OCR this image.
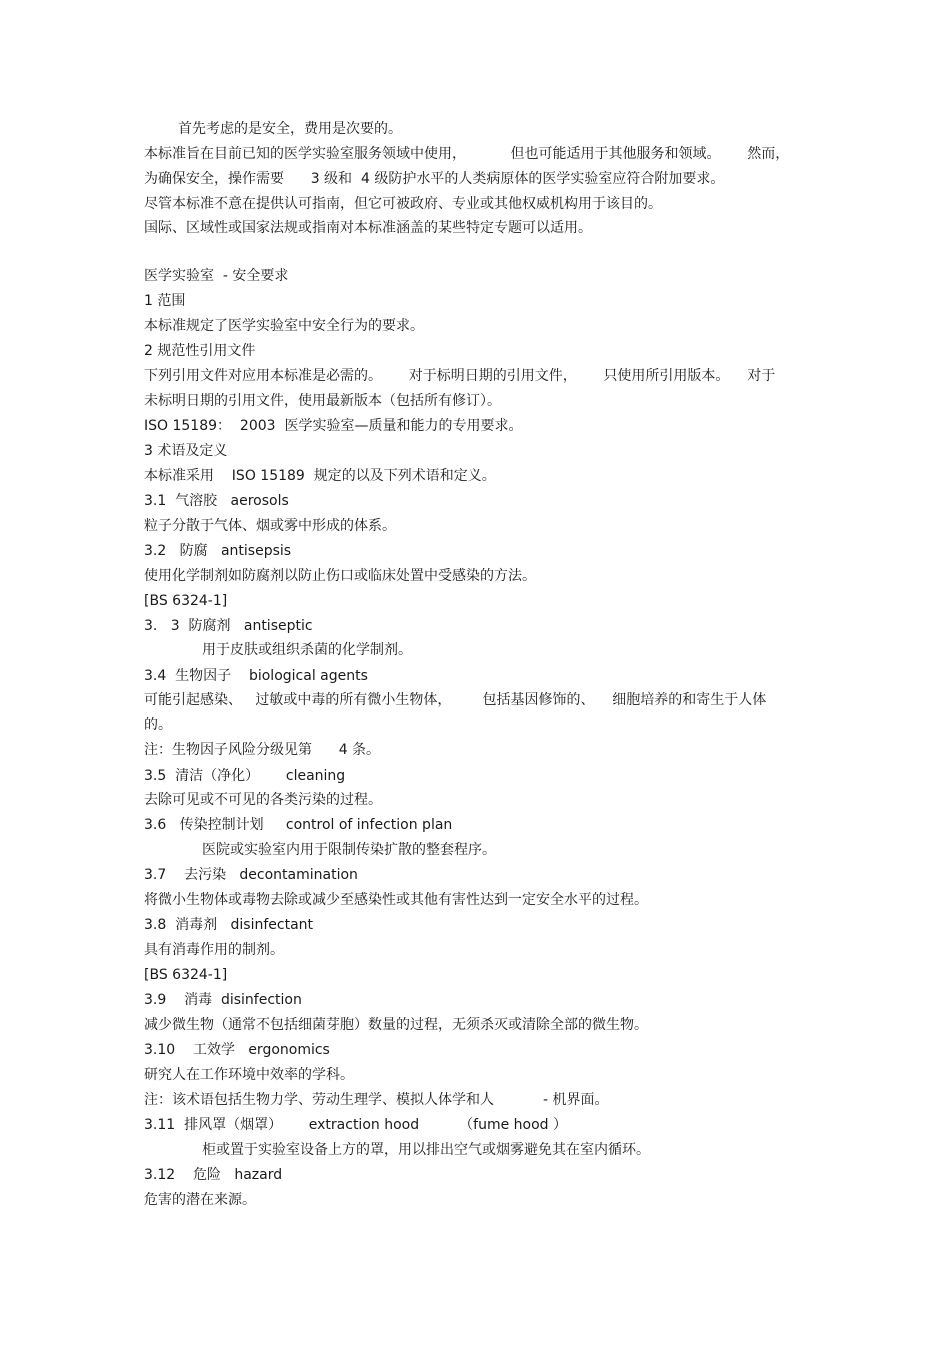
首先考虑的是安全，费用是次要的。
本标准旨在目前已知的医学实验室服务领域中使用，          但也可能适用于其他服务和领域。      然而，
为确保安全，操作需要      3 级和  4 级防护水平的人类病原体的医学实验室应符合附加要求。
尽管本标准不意在提供认可指南，但它可被政府、专业或其他权威机构用于该目的。
国际、区域性或国家法规或指南对本标准涵盖的某些特定专题可以适用。
医学实验室  - 安全要求
1 范围
本标准规定了医学实验室中安全行为的要求。
2 规范性引用文件
下列引用文件对应用本标准是必需的。      对于标明日期的引用文件，      只使用所引用版本。    对于
未标明日期的引用文件，使用最新版本（包括所有修订）。
ISO 15189：  2003  医学实验室—质量和能力的专用要求。
3 术语及定义
本标准采用    ISO 15189  规定的以及下列术语和定义。
3.1  气溶胶   aerosols
粒子分散于气体、烟或雾中形成的体系。
3.2   防腐   antisepsis
使用化学制剂如防腐剂以防止伤口或临床处置中受感染的方法。
[BS 6324-1]
3.   3  防腐剂   antiseptic
用于皮肤或组织杀菌的化学制剂。
3.4  生物因子    biological agents
可能引起感染、   过敏或中毒的所有微小生物体，       包括基因修饰的、    细胞培养的和寄生于人体
的。
注：生物因子风险分级见第      4 条。
3.5  清洁（净化）      cleaning
去除可见或不可见的各类污染的过程。
3.6   传染控制计划     control of infection plan
医院或实验室内用于限制传染扩散的整套程序。
3.7    去污染   decontamination
将微小生物体或毒物去除或减少至感染性或其他有害性达到一定安全水平的过程。
3.8  消毒剂   disinfectant
具有消毒作用的制剂。
[BS 6324-1]
3.9    消毒  disinfection
减少微生物（通常不包括细菌芽胞）数量的过程，无须杀灭或清除全部的微生物。
3.10    工效学   ergonomics
研究人在工作环境中效率的学科。
注：该术语包括生物力学、劳动生理学、模拟人体学和人           - 机界面。
3.11  排风罩（烟罩）      extraction hood         （fume hood ）
柜或置于实验室设备上方的罩，用以排出空气或烟雾避免其在室内循环。
3.12    危险   hazard
危害的潜在来源。
